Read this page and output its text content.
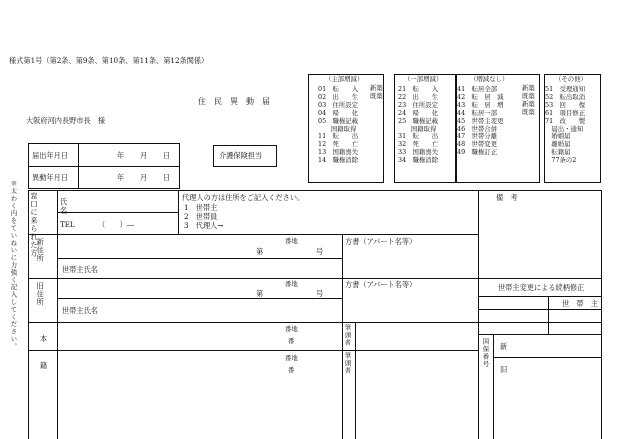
様式第1号（第2条、第9条、第10条、第11条、第12条関係）
住　民　異　動　届
大阪府河内長野市長　様
（主部増減）
01　転　　入
02　出　　生
03　住所設定
04　帰　　化
05　職権記載
　　国籍取得
11　転　　出
12　死　　亡
13　国籍喪失
14　職権消除
新築
既築
（一部増減）
21　転　　入
22　出　　生
23　住所設定
24　帰　　化
25　職権記載
　　国籍取得
31　転　　出
32　死　　亡
33　国籍喪失
34　職権消除
（増減なし）
41　転居全部
42　転　居　減
43　転　居　増
44　転居一部
45　世帯主変更
46　世帯合併
47　世帯分離
48　世帯変更
49　職権訂正
新築
既築
新築
既築
（その他）
51　受理通知
52　転出取消
53　回　　復
61　項目修正
71　改　　製
　届出・通知
　婚姻届
　離婚届
　転籍届
　77条の2
※太わく内をていねいに力強く記入してください。
届出年月日	年 月 日
異動年月日	年 月 日
介護保険担当
窓口に来られた方	氏名
TEL	（　　）―
代理人の方は住所をご記入ください。
1　世帯主
2　世帯員
3　代理人→
新住所	番地
第	号
方書（アパート名等）
世帯主氏名
旧住所	番地
第	号
方書（アパート名等）
世帯主氏名
本
籍
番地
番
番地
番
筆頭者
筆頭者
備　考
世帯主変更による続柄修正
世　帯　主
国保番号 新
旧
